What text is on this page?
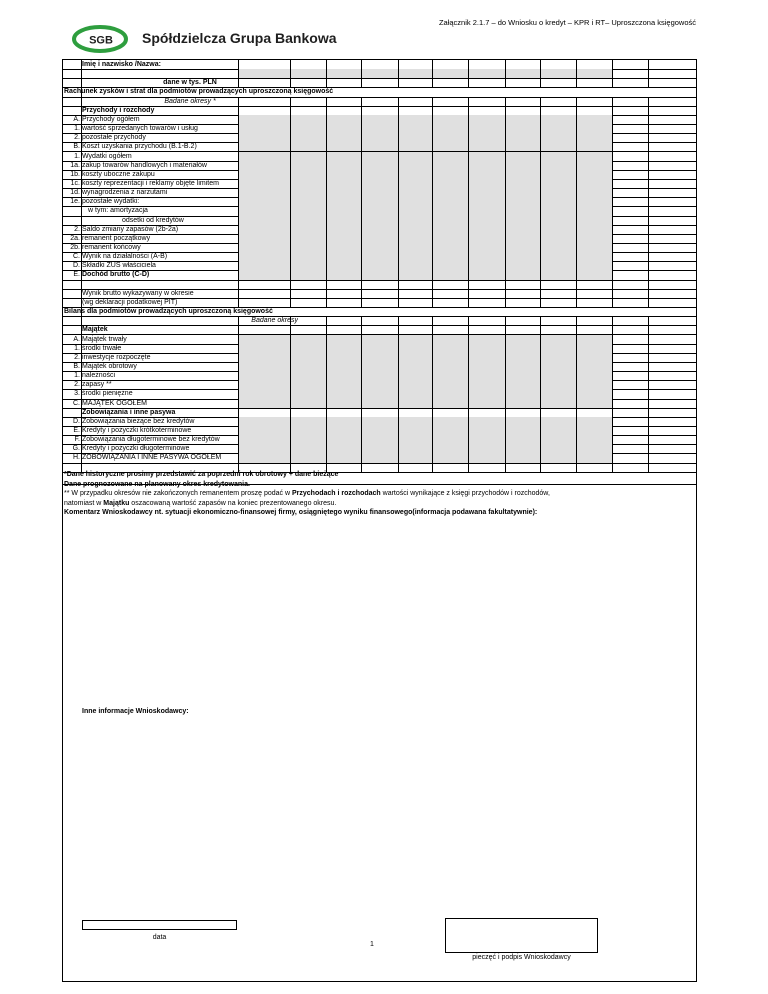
Załącznik 2.1.7 – do Wniosku o kredyt – KPR i RT– Uproszczona księgowość
SGB Spółdzielcza Grupa Bankowa
Imię i nazwisko /Nazwa:
dane w tys. PLN
Rachunek zysków i strat dla podmiotów prowadzących uproszczoną księgowość
Badane okresy *
Przychody i rozchody
A. Przychody ogółem
1. wartość sprzedanych towarów i usług
2. pozostałe przychody
B. Koszt uzyskania przychodu (B.1-B.2)
1. Wydatki ogółem
1a. zakup towarów handlowych i materiałów
1b. koszty uboczne zakupu
1c. koszty reprezentacji i reklamy objęte limitem
1d. wynagrodzenia z narzutami
1e. pozostałe wydatki:
w tym: amortyzacja
odsetki od kredytów
2. Saldo zmiany zapasów (2b-2a)
2a. remanent początkowy
2b. remanent końcowy
C. Wynik na działalności (A-B)
D. Składki ZUS właściciela
E. Dochód brutto (C-D)
Wynik brutto wykazywany w okresie
(wg deklaracji podatkowej PIT)
Bilans dla podmiotów prowadzących uproszczoną księgowość
Badane okresy
Majątek
A. Majątek trwały
1. środki trwałe
2. inwestycje rozpoczęte
B. Majątek obrotowy
1. należności
2. zapasy **
3. środki pieniężne
C. MAJĄTEK OGÓŁEM
Zobowiązania i inne pasywa
D. Zobowiązania bieżące bez kredytów
E. Kredyty i pożyczki krótkoterminowe
F. Zobowiązania długoterminowe bez kredytów
G. Kredyty i pożyczki długoterminowe
H. ZOBOWIĄZANIA I INNE PASYWA OGÓŁEM
*Dane historyczne prosimy przedstawić za poprzedni rok obrotowy + dane bieżące
Dane prognozowane na planowany okres kredytowania.
** W przypadku okresów nie zakończonych remanentem proszę podać w Przychodach i rozchodach wartości wynikające z księgi przychodów i rozchodów,
natomiast w Majątku oszacowaną wartość zapasów na koniec prezentowanego okresu.
Komentarz Wnioskodawcy nt. sytuacji ekonomiczno-finansowej firmy, osiągniętego wyniku finansowego(informacja podawana fakultatywnie):
Inne informacje Wnioskodawcy:
data
1
pieczęć i podpis Wnioskodawcy
